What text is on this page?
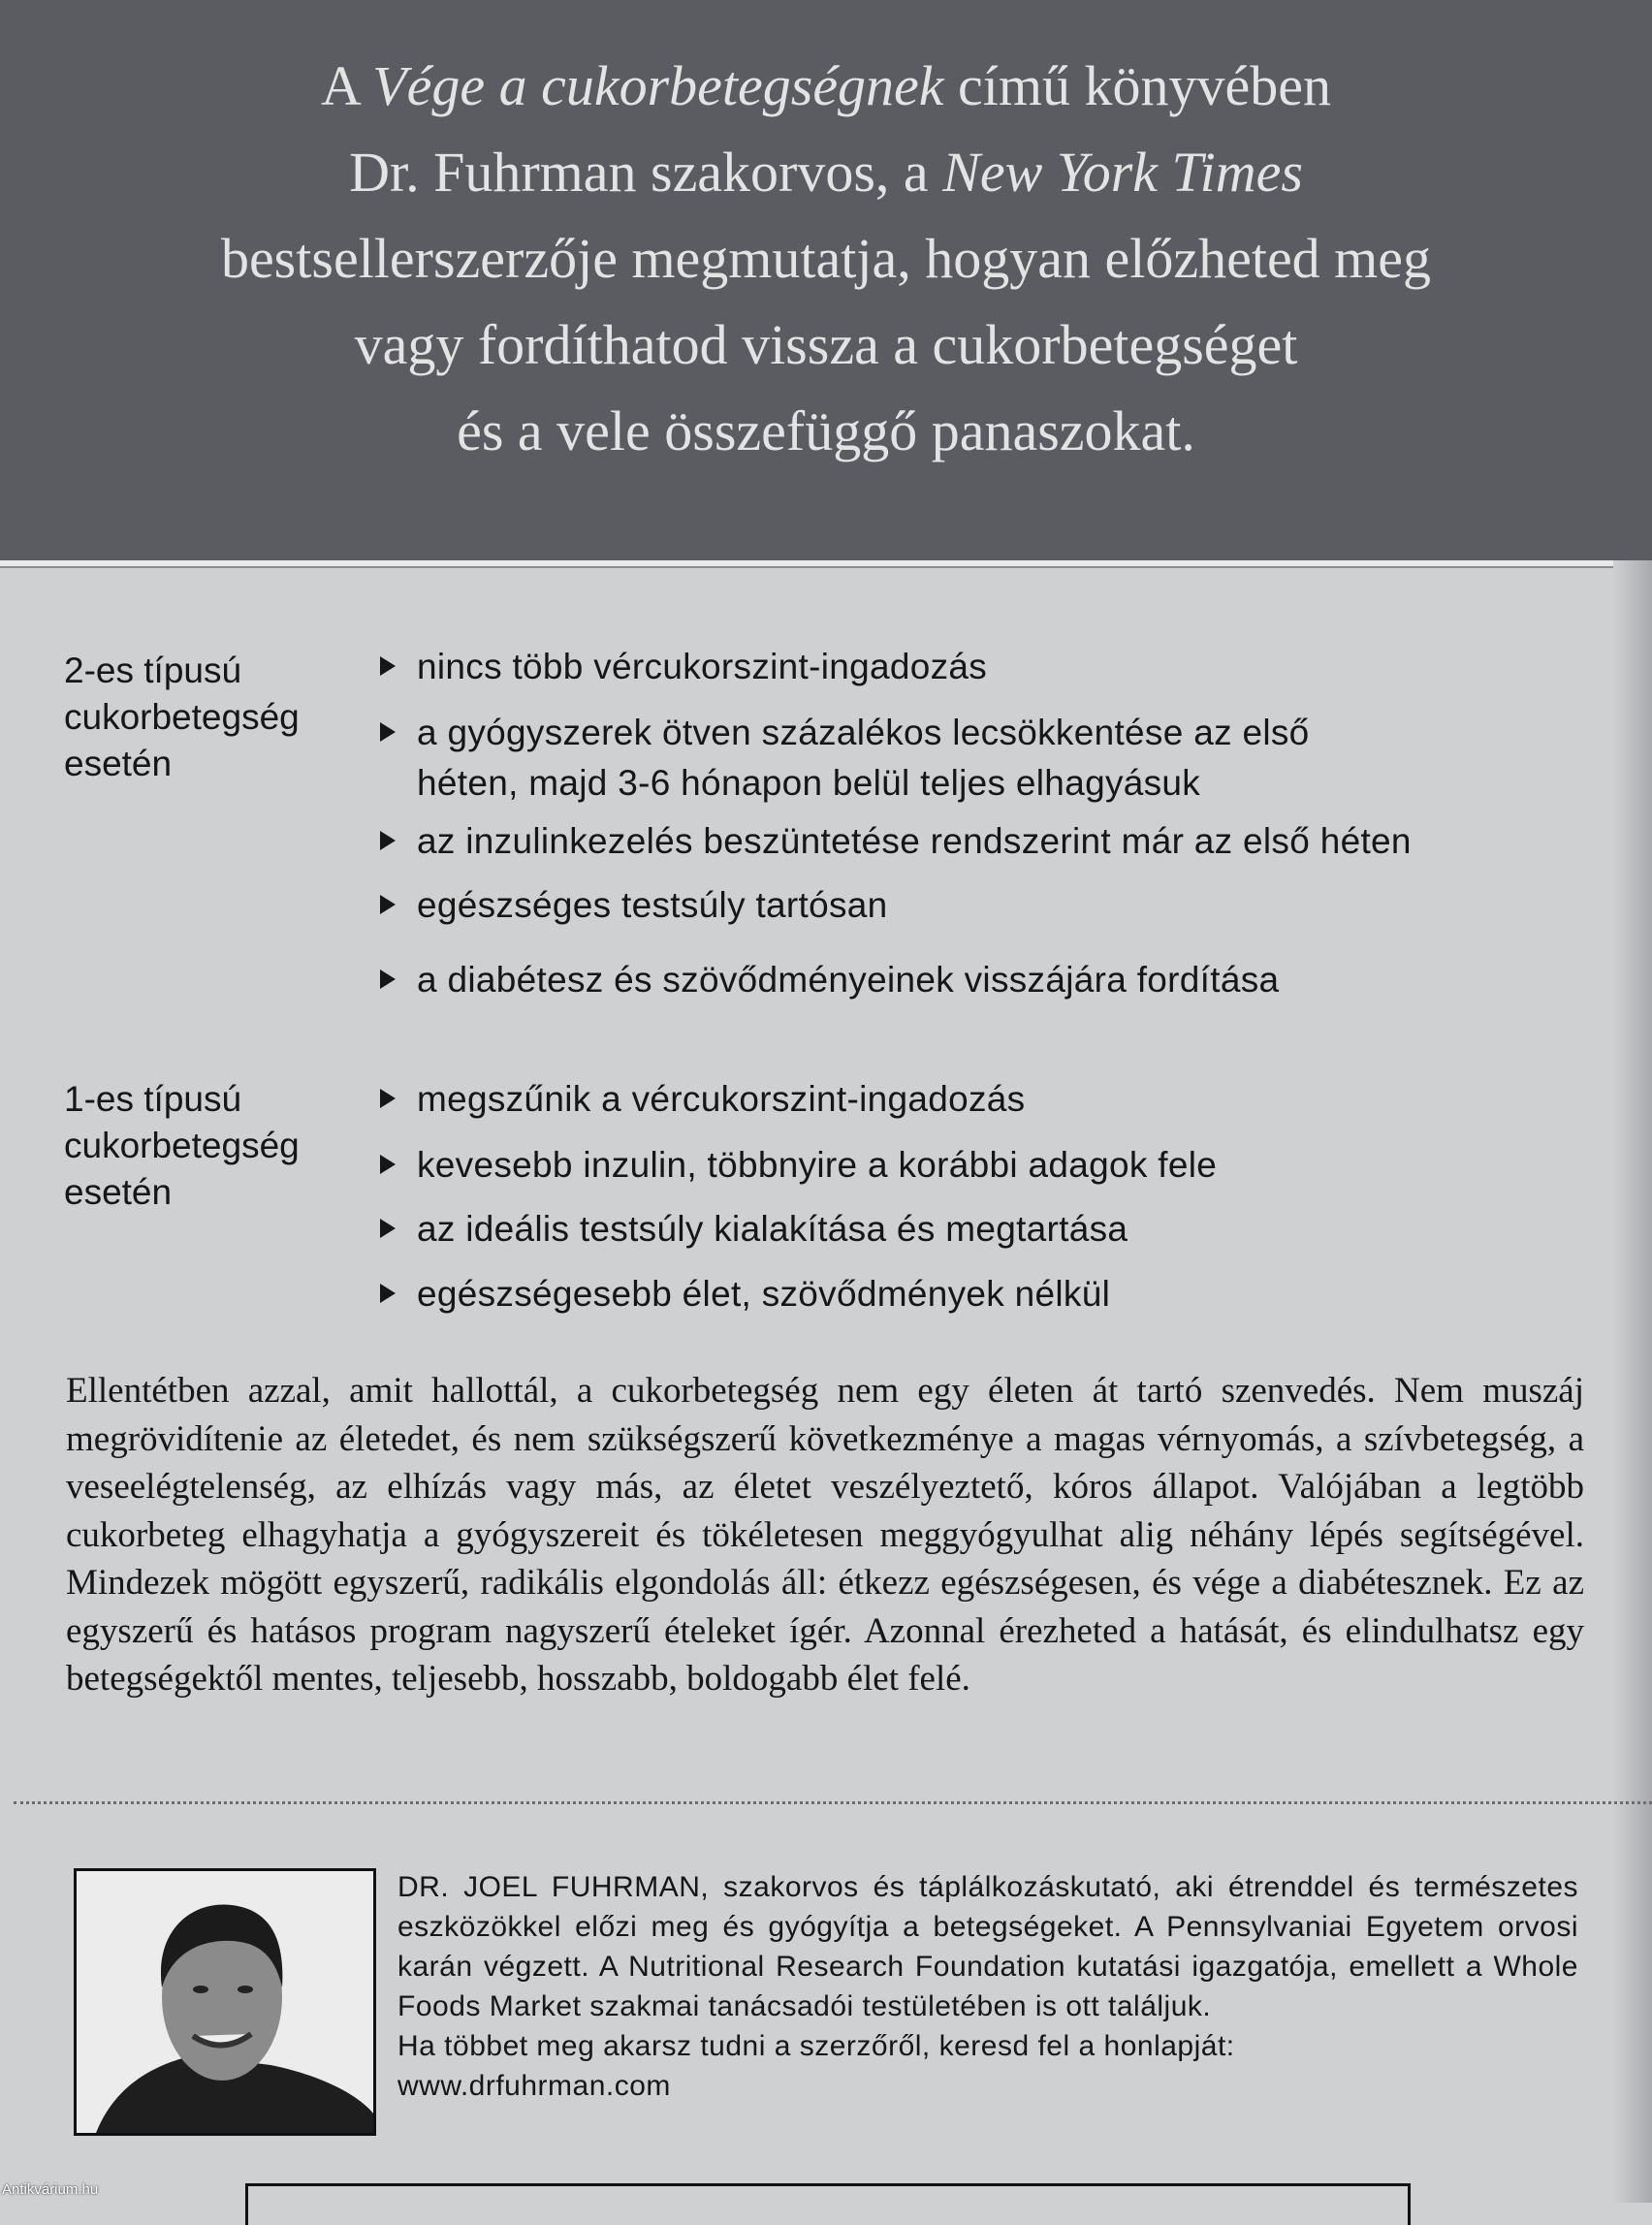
A Vége a cukorbetegségnek című könyvében
Dr. Fuhrman szakorvos, a New York Times
bestsellerszerzője megmutatja, hogyan előzheted meg
vagy fordíthatod vissza a cukorbetegséget
és a vele összefüggő panaszokat.
2-es típusú
cukorbetegség
esetén
nincs több vércukorszint-ingadozás
a gyógyszerek ötven százalékos lecsökkentése az első
héten, majd 3-6 hónapon belül teljes elhagyásuk
az inzulinkezelés beszüntetése rendszerint már az első héten
egészséges testsúly tartósan
a diabétesz és szövődményeinek visszájára fordítása
1-es típusú
cukorbetegség
esetén
megszűnik a vércukorszint-ingadozás
kevesebb inzulin, többnyire a korábbi adagok fele
az ideális testsúly kialakítása és megtartása
egészségesebb élet, szövődmények nélkül
Ellentétben azzal, amit hallottál, a cukorbetegség nem egy életen át tartó szenvedés. Nem muszáj megrövidítenie az életedet, és nem szükségszerű következménye a magas vérnyomás, a szívbetegség, a veseelégtelenség, az elhízás vagy más, az életet veszélyeztető, kóros állapot. Valójában a legtöbb cukorbeteg elhagyhatja a gyógyszereit és tökéletesen meggyógyulhat alig néhány lépés segítségével. Mindezek mögött egyszerű, radikális elgondolás áll: étkezz egészségesen, és vége a diabétesznek. Ez az egyszerű és hatásos program nagyszerű ételeket ígér. Azonnal érezheted a hatását, és elindulhatsz egy betegségektől mentes, teljesebb, hosszabb, boldogabb élet felé.
DR. JOEL FUHRMAN, szakorvos és táplálkozáskutató, aki étrenddel és természetes eszközökkel előzi meg és gyógyítja a betegségeket. A Pennsylvaniai Egyetem orvosi karán végzett. A Nutritional Research Foundation kutatási igazgatója, emellett a Whole Foods Market szakmai tanácsadói testületében is ott találjuk.
Ha többet meg akarsz tudni a szerzőről, keresd fel a honlapját:
www.drfuhrman.com
Antikvárium.hu
